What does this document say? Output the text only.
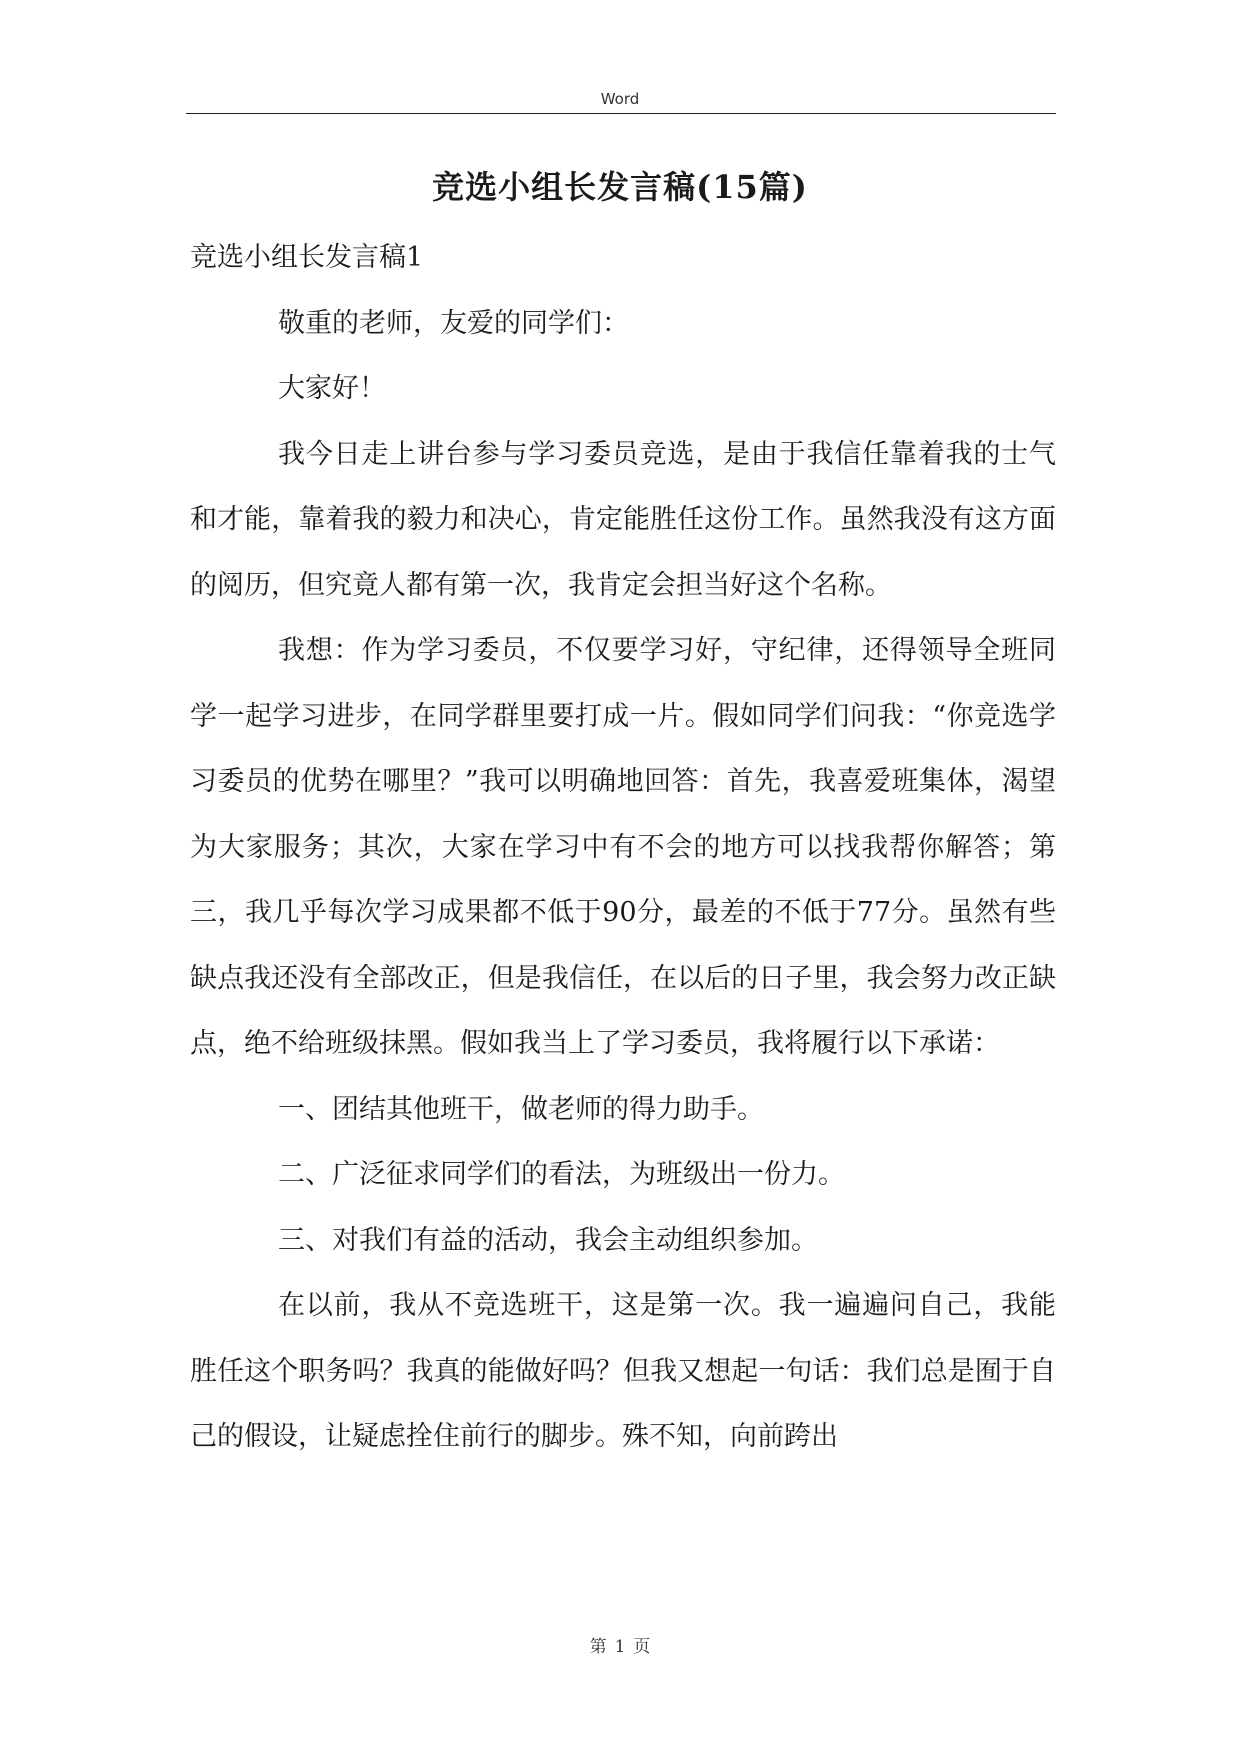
Word
竞选小组长发言稿(15篇)

竞选小组长发言稿1

敬重的老师，友爱的同学们：

大家好！

我今日走上讲台参与学习委员竞选，是由于我信任靠着我的士气和才能，靠着我的毅力和决心，肯定能胜任这份工作。虽然我没有这方面的阅历，但究竟人都有第一次，我肯定会担当好这个名称。

我想：作为学习委员，不仅要学习好，守纪律，还得领导全班同学一起学习进步，在同学群里要打成一片。假如同学们问我：“你竞选学习委员的优势在哪里？”我可以明确地回答：首先，我喜爱班集体，渴望为大家服务；其次，大家在学习中有不会的地方可以找我帮你解答；第三，我几乎每次学习成果都不低于90分，最差的不低于77分。虽然有些缺点我还没有全部改正，但是我信任，在以后的日子里，我会努力改正缺点，绝不给班级抹黑。假如我当上了学习委员，我将履行以下承诺：

一、团结其他班干，做老师的得力助手。

二、广泛征求同学们的看法，为班级出一份力。

三、对我们有益的活动，我会主动组织参加。

在以前，我从不竞选班干，这是第一次。我一遍遍问自己，我能胜任这个职务吗？我真的能做好吗？但我又想起一句话：我们总是囿于自己的假设，让疑虑拴住前行的脚步。殊不知，向前跨出

第 1 页
